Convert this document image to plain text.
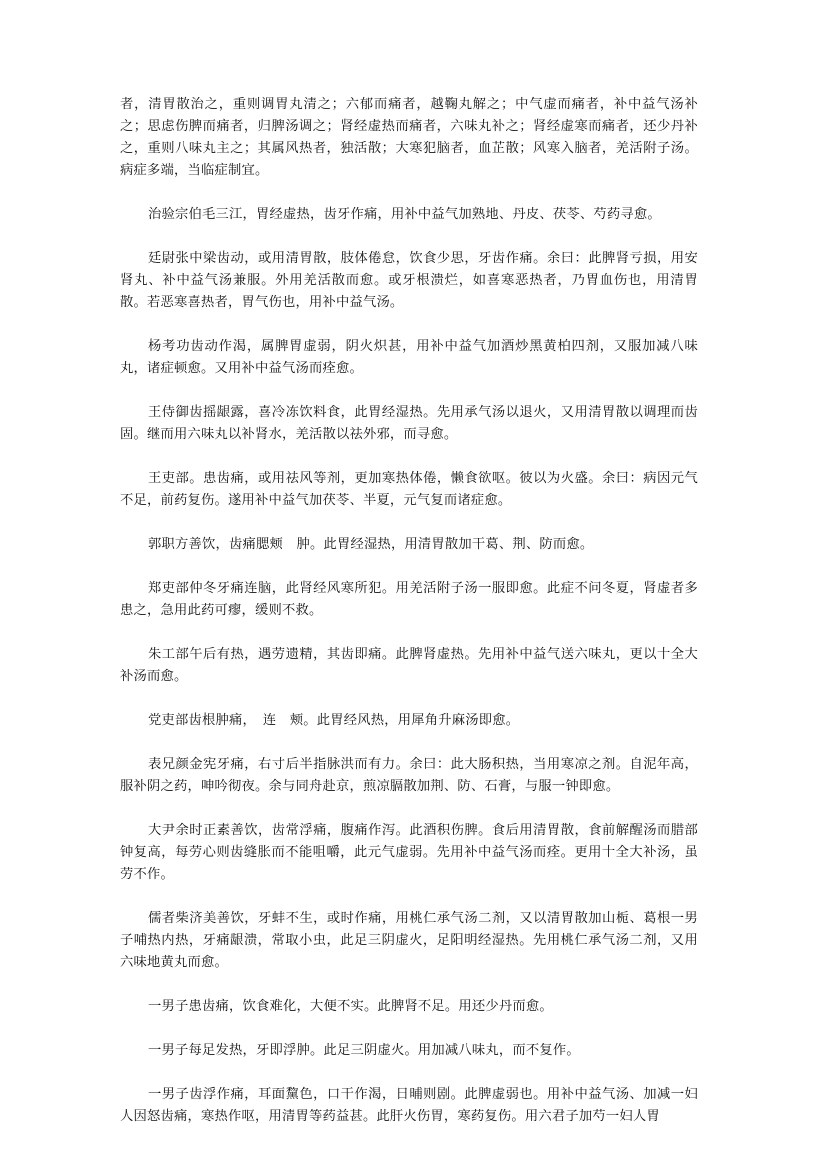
者，清胃散治之，重则调胃丸清之；六郁而痛者，越鞠丸解之；中气虚而痛者，补中益气汤补之；思虑伤脾而痛者，归脾汤调之；肾经虚热而痛者，六味丸补之；肾经虚寒而痛者，还少丹补之，重则八味丸主之；其属风热者，独活散；大寒犯脑者，血芷散；风寒入脑者，羌活附子汤。病症多端，当临症制宜。

治验宗伯毛三江，胃经虚热，齿牙作痛，用补中益气加熟地、丹皮、茯苓、芍药寻愈。

廷尉张中梁齿动，或用清胃散，肢体倦怠，饮食少思，牙齿作痛。余曰：此脾肾亏损，用安肾丸、补中益气汤兼服。外用羌活散而愈。或牙根溃烂，如喜寒恶热者，乃胃血伤也，用清胃散。若恶寒喜热者，胃气伤也，用补中益气汤。

杨考功齿动作渴，属脾胃虚弱，阴火炽甚，用补中益气加酒炒黑黄柏四剂，又服加减八味丸，诸症顿愈。又用补中益气汤而痊愈。

王侍御齿摇龈露，喜冷冻饮料食，此胃经湿热。先用承气汤以退火，又用清胃散以调理而齿固。继而用六味丸以补肾水，羌活散以祛外邪，而寻愈。

王吏部。患齿痛，或用祛风等剂，更加寒热体倦，懒食欲呕。彼以为火盛。余曰：病因元气不足，前药复伤。遂用补中益气加茯苓、半夏，元气复而诸症愈。

郭职方善饮，齿痛腮颊　肿。此胃经湿热，用清胃散加干葛、荆、防而愈。

郑吏部仲冬牙痛连脑，此肾经风寒所犯。用羌活附子汤一服即愈。此症不问冬夏，肾虚者多患之，急用此药可瘳，缓则不救。

朱工部午后有热，遇劳遗精，其齿即痛。此脾肾虚热。先用补中益气送六味丸，更以十全大补汤而愈。

党吏部齿根肿痛，　连　颊。此胃经风热，用犀角升麻汤即愈。

表兄颜金宪牙痛，右寸后半指脉洪而有力。余曰：此大肠积热，当用寒凉之剂。自泥年高，服补阴之药，呻吟彻夜。余与同舟赴京，煎凉膈散加荆、防、石膏，与服一钟即愈。

大尹余时正素善饮，齿常浮痛，腹痛作泻。此酒积伤脾。食后用清胃散，食前解醒汤而腊部钟复高，每劳心则齿缝胀而不能咀嚼，此元气虚弱。先用补中益气汤而痊。更用十全大补汤，虽劳不作。

儒者柴济美善饮，牙蚌不生，或时作痛，用桃仁承气汤二剂，又以清胃散加山栀、葛根一男子哺热内热，牙痛龈溃，常取小虫，此足三阴虚火，足阳明经湿热。先用桃仁承气汤二剂，又用六味地黄丸而愈。

一男子患齿痛，饮食难化，大便不实。此脾肾不足。用还少丹而愈。

一男子每足发热，牙即浮肿。此足三阴虚火。用加减八味丸，而不复作。

一男子齿浮作痛，耳面黧色，口干作渴，日晡则剧。此脾虚弱也。用补中益气汤、加减一妇人因怒齿痛，寒热作呕，用清胃等药益甚。此肝火伤胃，寒药复伤。用六君子加芍一妇人胃
